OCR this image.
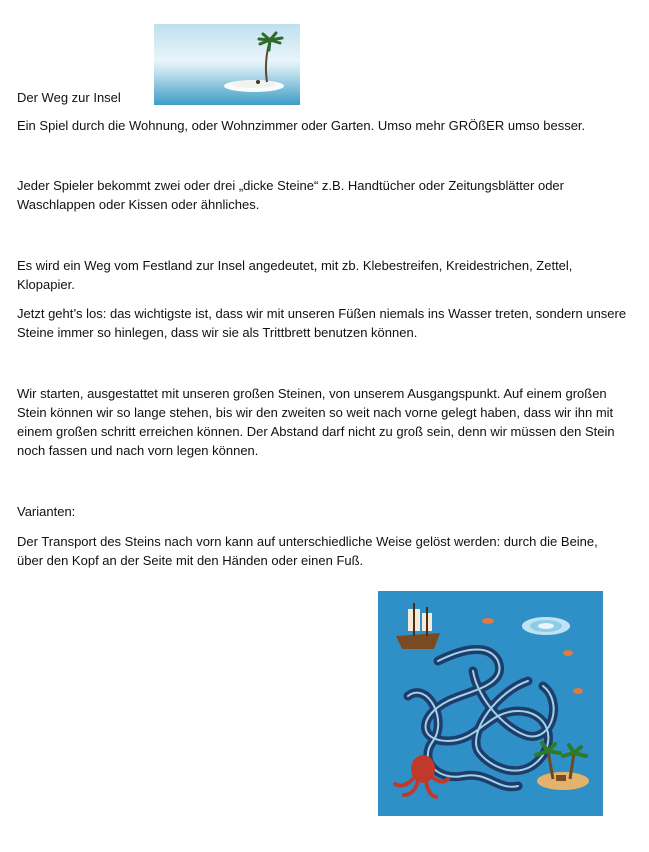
Der Weg zur Insel

Ein Spiel durch die Wohnung, oder Wohnzimmer oder Garten. Umso mehr GRÖßER umso besser.

Jeder Spieler bekommt zwei oder drei „dicke Steine“ z.B. Handtücher oder Zeitungsblätter oder Waschlappen oder Kissen oder ähnliches.

Es wird ein Weg vom Festland zur Insel angedeutet, mit zb. Klebestreifen, Kreidestrichen, Zettel, Klopapier.

Jetzt geht’s los: das wichtigste ist, dass wir mit unseren Füßen niemals ins Wasser treten, sondern unsere Steine immer so hinlegen, dass wir sie als Trittbrett benutzen können.

Wir starten, ausgestattet mit unseren großen Steinen, von unserem Ausgangspunkt. Auf einem großen Stein können wir so lange stehen, bis wir den zweiten so weit nach vorne gelegt haben, dass wir ihn mit einem großen schritt erreichen können. Der Abstand darf nicht zu groß sein, denn wir müssen den Stein noch fassen und nach vorn legen können.

Varianten:

Der Transport des Steins nach vorn kann auf unterschiedliche Weise gelöst werden: durch die Beine, über den Kopf an der Seite mit den Händen oder einen Fuß.
